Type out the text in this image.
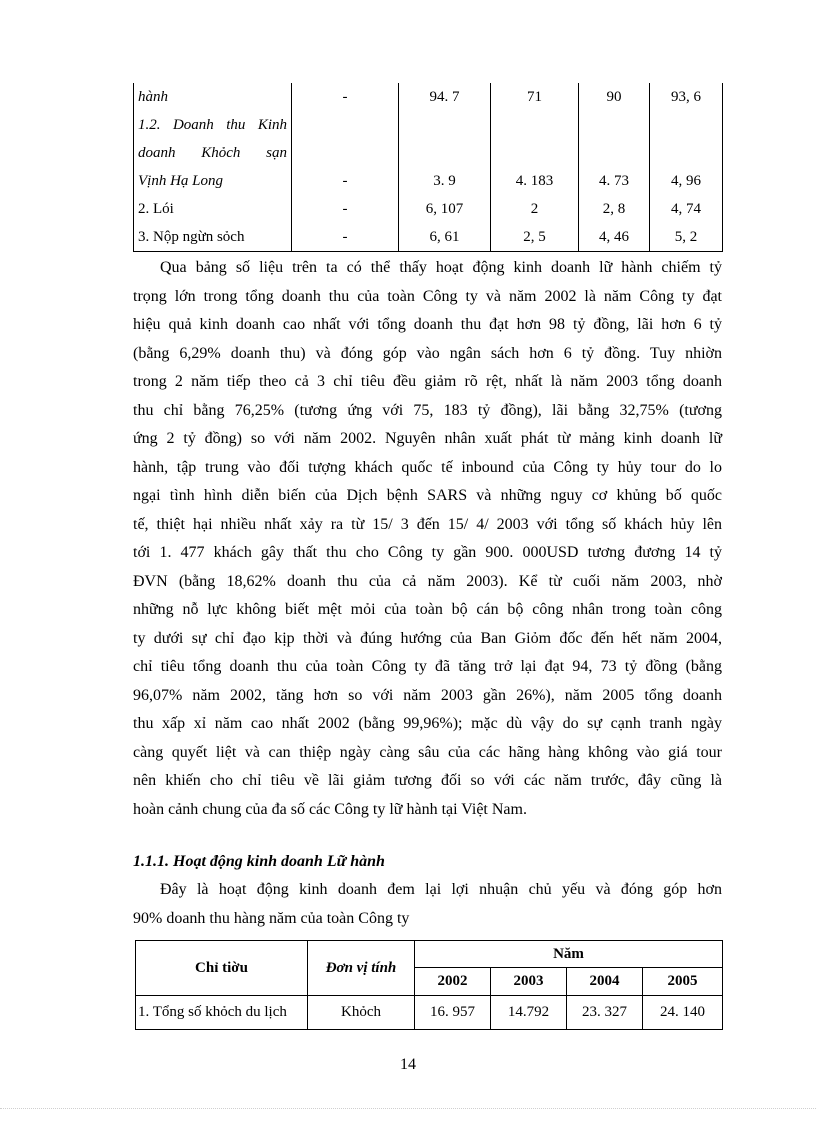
hành	-	94. 7	71	90	93, 6
1.2. Doanh thu Kinh					
doanh Khỏch sạn					
Vịnh Hạ Long	-	3. 9	4. 183	4. 73	4, 96
2. Lói	-	6, 107	2	2, 8	4, 74
3. Nộp ngừn sỏch	-	6, 61	2, 5	4, 46	5, 2
Qua bảng số liệu trên ta có thể thấy hoạt động kinh doanh lữ hành chiếm tỷ
trọng lớn trong tổng doanh thu của toàn Công ty và năm 2002 là năm Công ty đạt
hiệu quả kinh doanh cao nhất với tổng doanh thu đạt hơn 98 tỷ đồng, lãi hơn 6 tỷ
(bằng 6,29% doanh thu) và đóng góp vào ngân sách hơn 6 tỷ đồng. Tuy nhiờn
trong 2 năm tiếp theo cả 3 chỉ tiêu đều giảm rõ rệt, nhất là năm 2003 tổng doanh
thu chỉ bằng 76,25% (tương ứng với 75, 183 tỷ đồng), lãi bằng 32,75% (tương
ứng 2 tỷ đồng) so với năm 2002. Nguyên nhân xuất phát từ mảng kinh doanh lữ
hành, tập trung vào đối tượng khách quốc tế inbound của Công ty hủy tour do lo
ngại tình hình diễn biến của Dịch bệnh SARS và những nguy cơ khủng bố quốc
tế, thiệt hại nhiều nhất xảy ra từ 15/ 3 đến 15/ 4/ 2003 với tổng số khách hủy lên
tới 1. 477 khách gây thất thu cho Công ty gần 900. 000USD tương đương 14 tỷ
ĐVN (bằng 18,62% doanh thu của cả năm 2003). Kể từ cuối năm 2003, nhờ
những nỗ lực không biết mệt mỏi của toàn bộ cán bộ công nhân trong toàn công
ty dưới sự chỉ đạo kịp thời và đúng hướng của Ban Giỏm đốc đến hết năm 2004,
chỉ tiêu tổng doanh thu của toàn Công ty đã tăng trở lại đạt 94, 73 tỷ đồng (bằng
96,07% năm 2002, tăng hơn so với năm 2003 gần 26%), năm 2005 tổng doanh
thu xấp xỉ năm cao nhất 2002 (bằng 99,96%); mặc dù vậy do sự cạnh tranh ngày
càng quyết liệt và can thiệp ngày càng sâu của các hãng hàng không vào giá tour
nên khiến cho chỉ tiêu về lãi giảm tương đối so với các năm trước, đây cũng là
hoàn cảnh chung của đa số các Công ty lữ hành tại Việt Nam.

1.1.1. Hoạt động kinh doanh Lữ hành

Đây là hoạt động kinh doanh đem lại lợi nhuận chủ yếu và đóng góp hơn
90% doanh thu hàng năm của toàn Công ty
Chỉ tiờu	Đơn vị tính	Năm			
		2002	2003	2004	2005
1. Tổng số khỏch du lịch	Khỏch	16. 957	14.792	23. 327	24. 140

14
